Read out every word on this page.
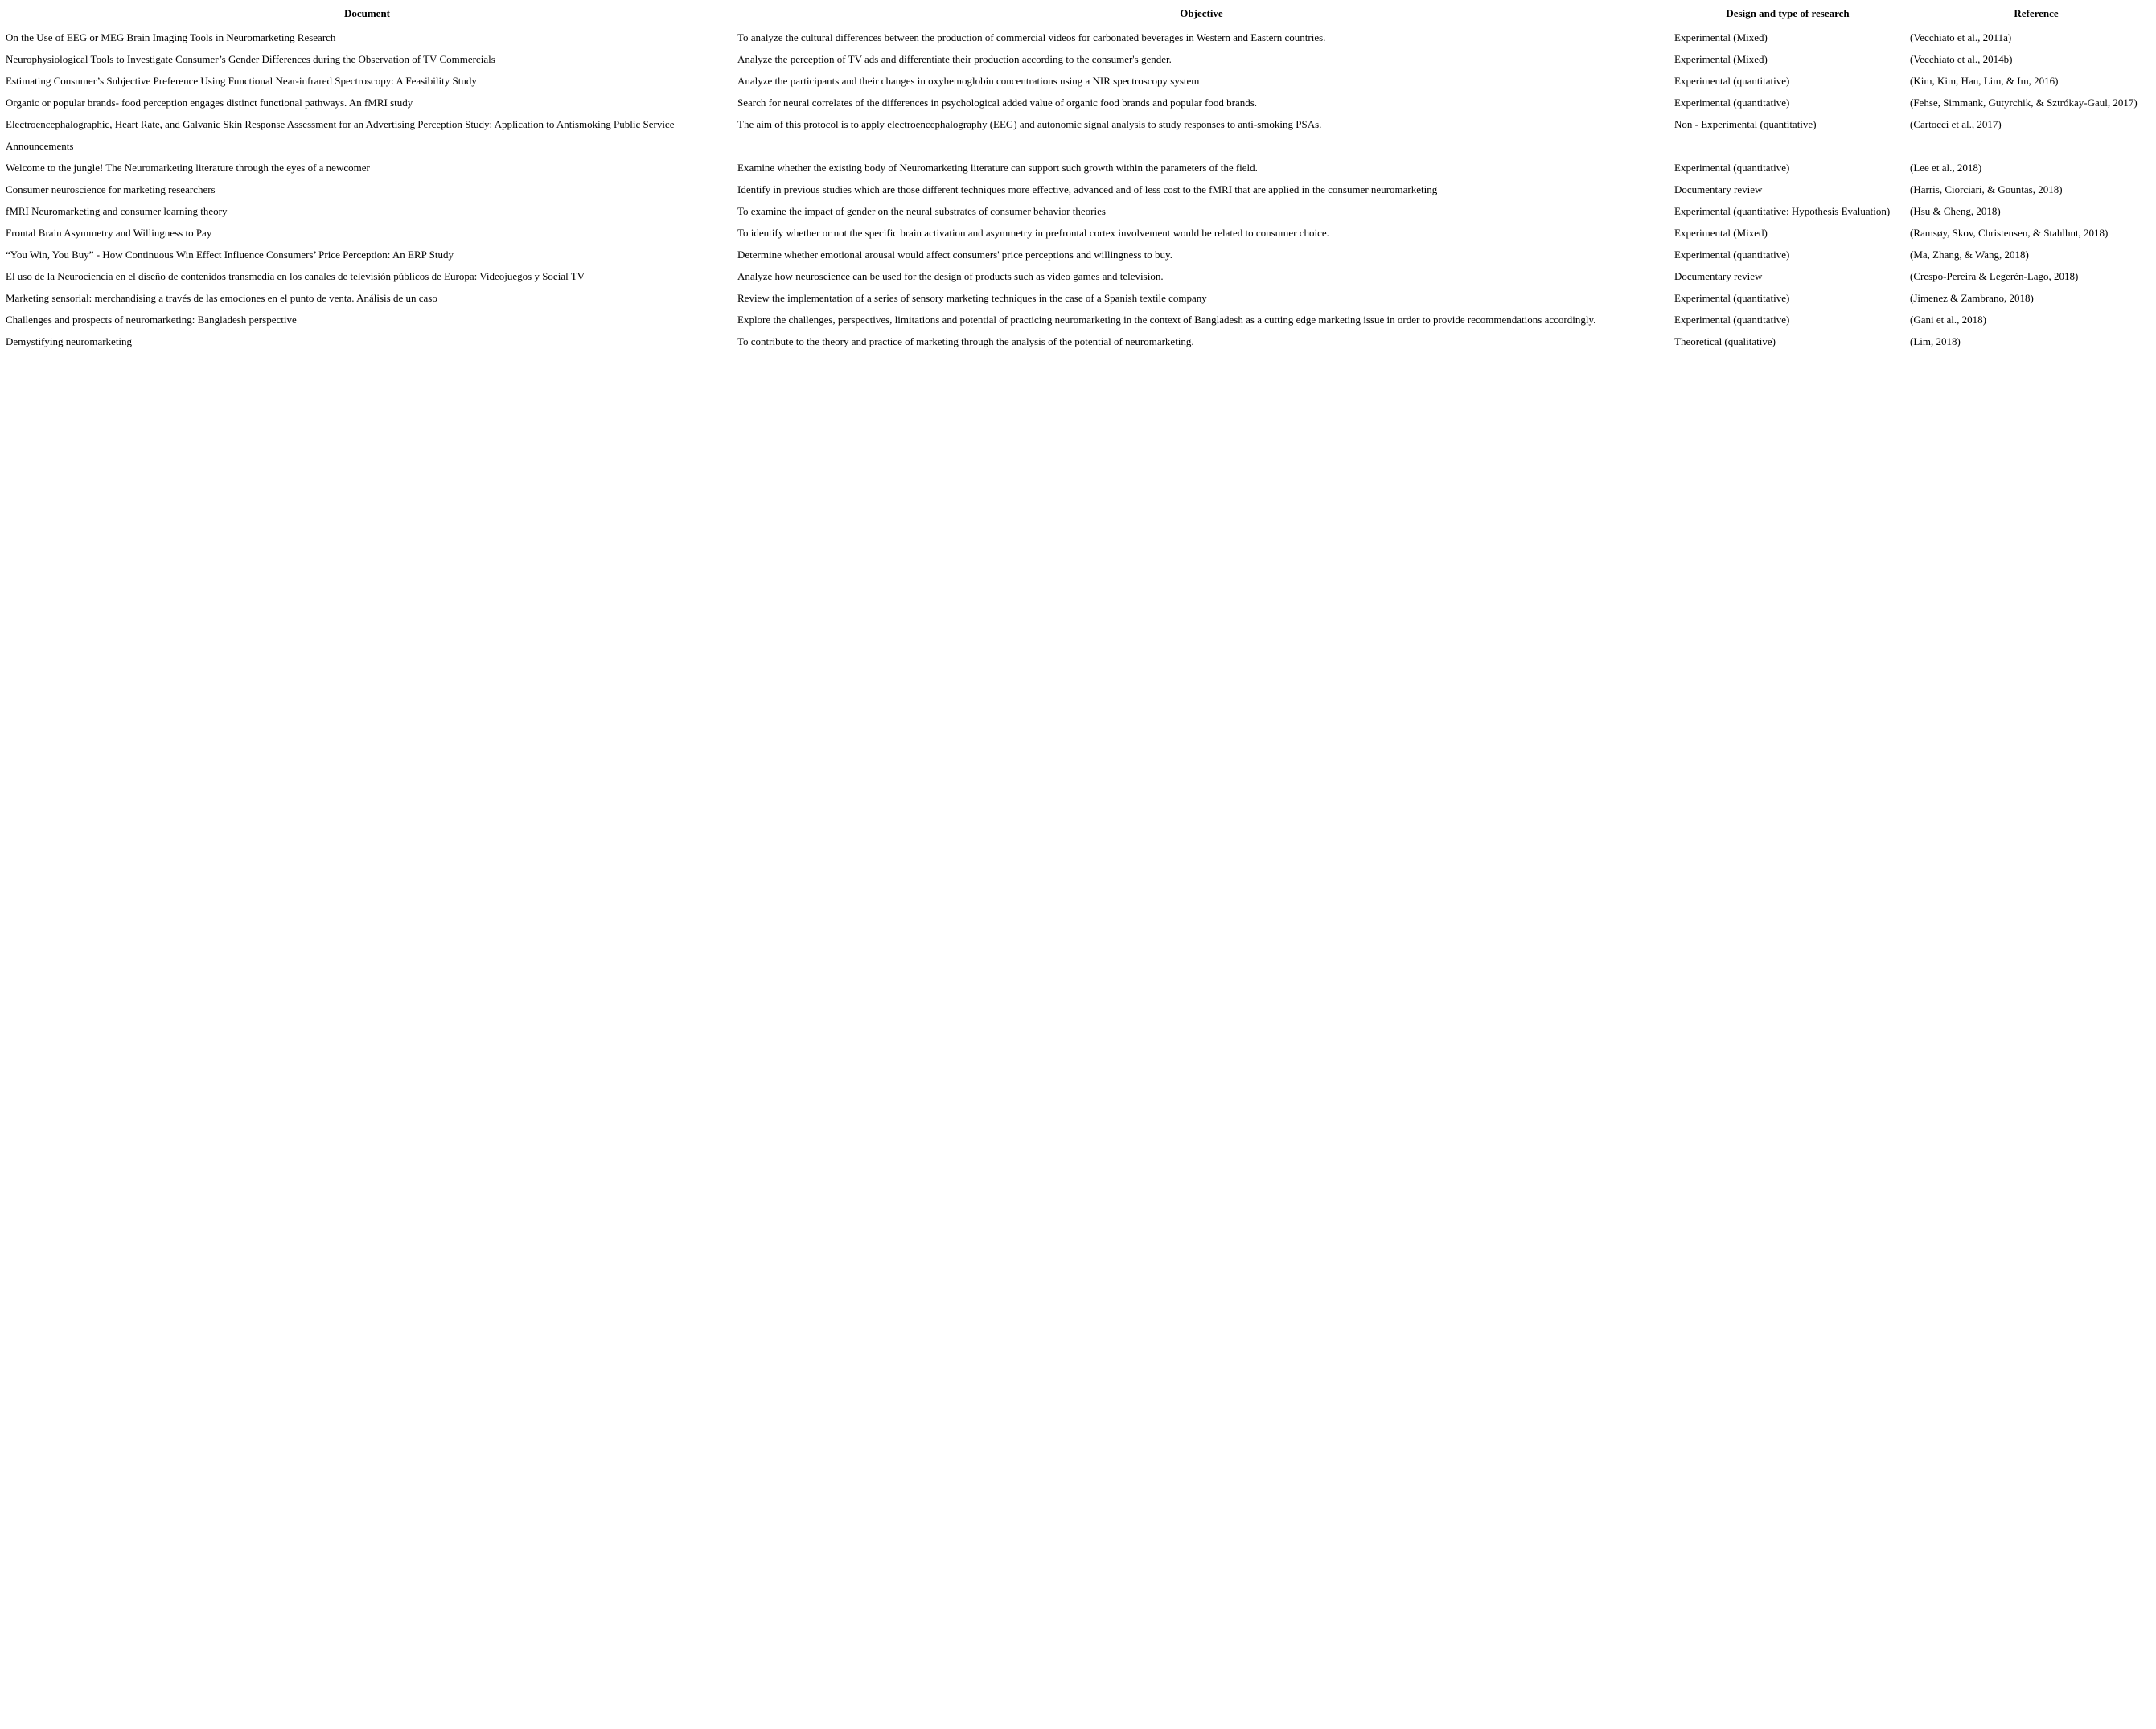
Document	Objective	Design and type of research	Reference
On the Use of EEG or MEG Brain Imaging Tools in Neuromarketing Research	To analyze the cultural differences between the production of commercial videos for carbonated beverages in Western and Eastern countries.	Experimental (Mixed)	(Vecchiato et al., 2011a)
Neurophysiological Tools to Investigate Consumer’s Gender Differences during the Observation of TV Commercials	Analyze the perception of TV ads and differentiate their production according to the consumer's gender.	Experimental (Mixed)	(Vecchiato et al., 2014b)
Estimating Consumer’s Subjective Preference Using Functional Near-infrared Spectroscopy: A Feasibility Study	Analyze the participants and their changes in oxyhemoglobin concentrations using a NIR spectroscopy system	Experimental (quantitative)	(Kim, Kim, Han, Lim, & Im, 2016)
Organic or popular brands- food perception engages distinct functional pathways. An fMRI study	Search for neural correlates of the differences in psychological added value of organic food brands and popular food brands.	Experimental (quantitative)	(Fehse, Simmank, Gutyrchik, & Sztrókay-Gaul, 2017)
Electroencephalographic, Heart Rate, and Galvanic Skin Response Assessment for an Advertising Perception Study: Application to Antismoking Public Service Announcements	The aim of this protocol is to apply electroencephalography (EEG) and autonomic signal analysis to study responses to anti-smoking PSAs.	Non - Experimental (quantitative)	(Cartocci et al., 2017)
Welcome to the jungle! The Neuromarketing literature through the eyes of a newcomer	Examine whether the existing body of Neuromarketing literature can support such growth within the parameters of the field.	Experimental (quantitative)	(Lee et al., 2018)
Consumer neuroscience for marketing researchers	Identify in previous studies which are those different techniques more effective, advanced and of less cost to the fMRI that are applied in the consumer neuromarketing	Documentary review	(Harris, Ciorciari, & Gountas, 2018)
fMRI Neuromarketing and consumer learning theory	To examine the impact of gender on the neural substrates of consumer behavior theories	Experimental (quantitative: Hypothesis Evaluation)	(Hsu & Cheng, 2018)
Frontal Brain Asymmetry and Willingness to Pay	To identify whether or not the specific brain activation and asymmetry in prefrontal cortex involvement would be related to consumer choice.	Experimental (Mixed)	(Ramsøy, Skov, Christensen, & Stahlhut, 2018)
“You Win, You Buy” - How Continuous Win Effect Influence Consumers’ Price Perception: An ERP Study	Determine whether emotional arousal would affect consumers' price perceptions and willingness to buy.	Experimental (quantitative)	(Ma, Zhang, & Wang, 2018)
El uso de la Neurociencia en el diseño de contenidos transmedia en los canales de televisión públicos de Europa: Videojuegos y Social TV	Analyze how neuroscience can be used for the design of products such as video games and television.	Documentary review	(Crespo-Pereira & Legerén-Lago, 2018)
Marketing sensorial: merchandising a través de las emociones en el punto de venta. Análisis de un caso	Review the implementation of a series of sensory marketing techniques in the case of a Spanish textile company	Experimental (quantitative)	(Jimenez & Zambrano, 2018)
Challenges and prospects of neuromarketing: Bangladesh perspective	Explore the challenges, perspectives, limitations and potential of practicing neuromarketing in the context of Bangladesh as a cutting edge marketing issue in order to provide recommendations accordingly.	Experimental (quantitative)	(Gani et al., 2018)
Demystifying neuromarketing	To contribute to the theory and practice of marketing through the analysis of the potential of neuromarketing.	Theoretical (qualitative)	(Lim, 2018)
